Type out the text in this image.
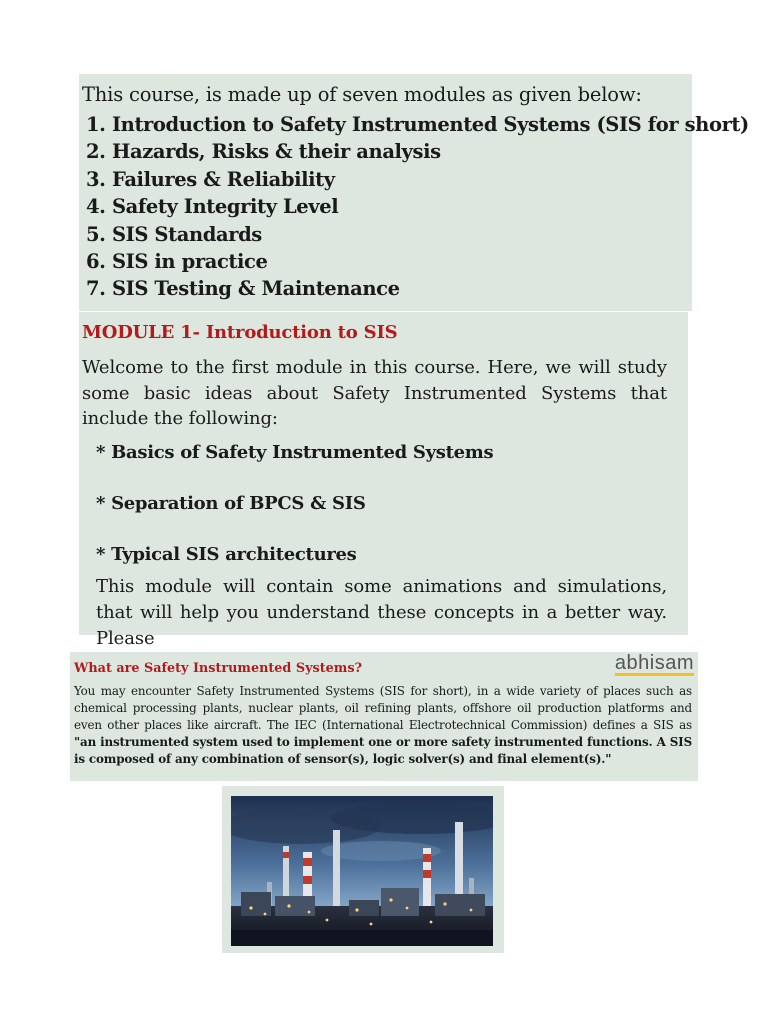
This course, is made up of seven modules as given below:
1. Introduction to Safety Instrumented Systems (SIS for short)
2. Hazards, Risks & their analysis
3. Failures & Reliability
4. Safety Integrity Level
5. SIS Standards
6. SIS in practice
7. SIS Testing & Maintenance
MODULE 1- Introduction to SIS
Welcome to the first module in this course. Here, we will study some basic ideas about Safety Instrumented Systems that include the following:
* Basics of Safety Instrumented Systems
* Separation of BPCS & SIS
* Typical SIS architectures
This module will contain some animations and simulations, that will help you understand these concepts in a better way. Please
What are Safety Instrumented Systems?	abhisam
You may encounter Safety Instrumented Systems (SIS for short), in a wide variety of places such as chemical processing plants, nuclear plants, oil refining plants, offshore oil production platforms and even other places like aircraft. The IEC (International Electrotechnical Commission) defines a SIS as "an instrumented system used to implement one or more safety instrumented functions. A SIS is composed of any combination of sensor(s), logic solver(s) and final element(s)."
